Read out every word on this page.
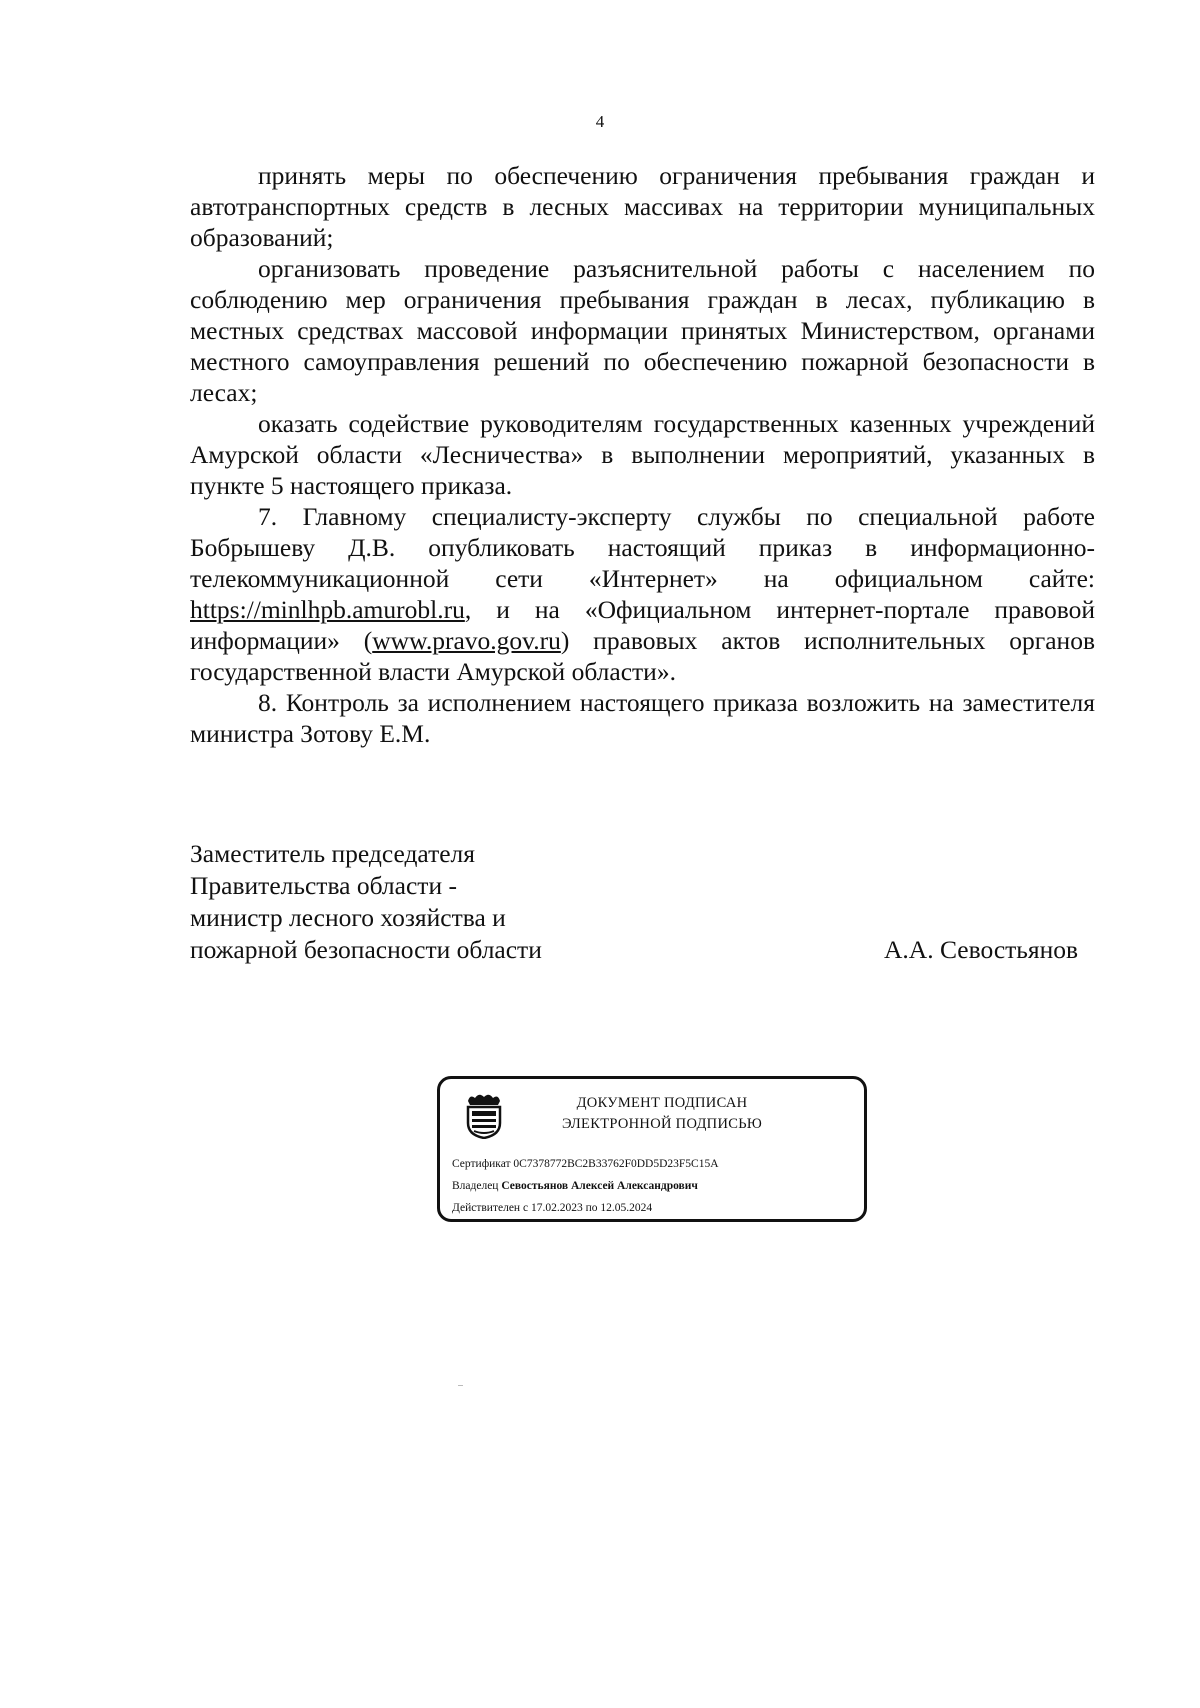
4

принять меры по обеспечению ограничения пребывания граждан и автотранспортных средств в лесных массивах на территории муниципальных образований;

организовать проведение разъяснительной работы с населением по соблюдению мер ограничения пребывания граждан в лесах, публикацию в местных средствах массовой информации принятых Министерством, органами местного самоуправления решений по обеспечению пожарной безопасности в лесах;

оказать содействие руководителям государственных казенных учреждений Амурской области «Лесничества» в выполнении мероприятий, указанных в пункте 5 настоящего приказа.

7. Главному специалисту-эксперту службы по специальной работе Бобрышеву Д.В. опубликовать настоящий приказ в информационно-телекоммуникационной сети «Интернет» на официальном сайте: https://minlhpb.amurobl.ru, и на «Официальном интернет-портале правовой информации» (www.pravo.gov.ru) правовых актов исполнительных органов государственной власти Амурской области».

8. Контроль за исполнением настоящего приказа возложить на заместителя министра Зотову Е.М.

Заместитель председателя
Правительства области -
министр лесного хозяйства и
пожарной безопасности области	А.А. Севостьянов
ДОКУМЕНТ ПОДПИСАН
ЭЛЕКТРОННОЙ ПОДПИСЬЮ
Сертификат 0C7378772BC2B33762F0DD5D23F5C15A
Владелец Севостьянов Алексей Александрович
Действителен с 17.02.2023 по 12.05.2024
